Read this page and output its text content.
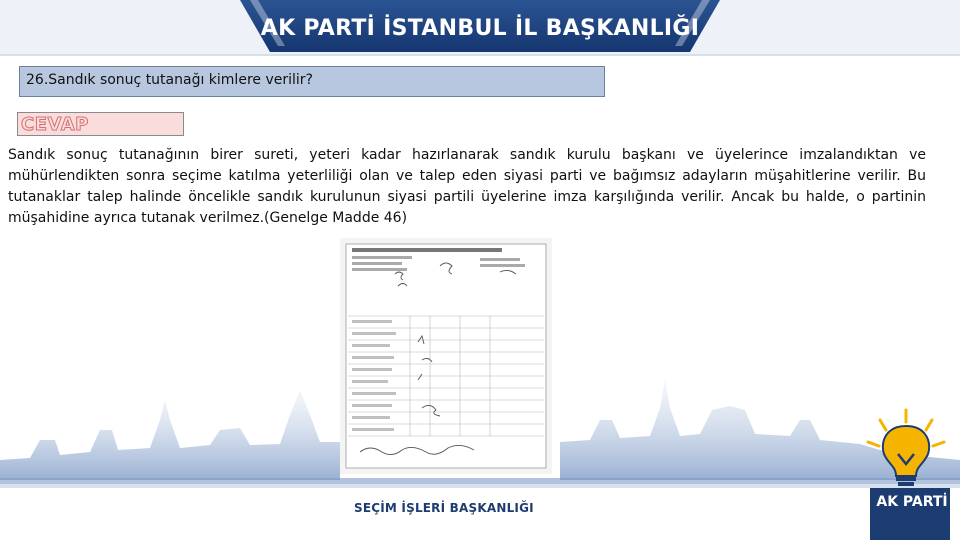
AK PARTİ İSTANBUL İL BAŞKANLIĞI
26.Sandık sonuç tutanağı kimlere verilir?
CEVAP
Sandık sonuç tutanağının birer sureti, yeteri kadar hazırlanarak sandık kurulu başkanı ve üyelerince imzalandıktan ve mühürlendikten sonra seçime katılma yeterliliği olan ve talep eden siyasi parti ve bağımsız adayların müşahitlerine verilir. Bu tutanaklar talep halinde öncelikle sandık kurulunun siyasi partili üyelerine imza karşılığında verilir. Ancak bu halde, o partinin müşahidine ayrıca tutanak verilmez.(Genelge Madde 46)
SEÇİM İŞLERİ BAŞKANLIĞI	AK PARTİ
